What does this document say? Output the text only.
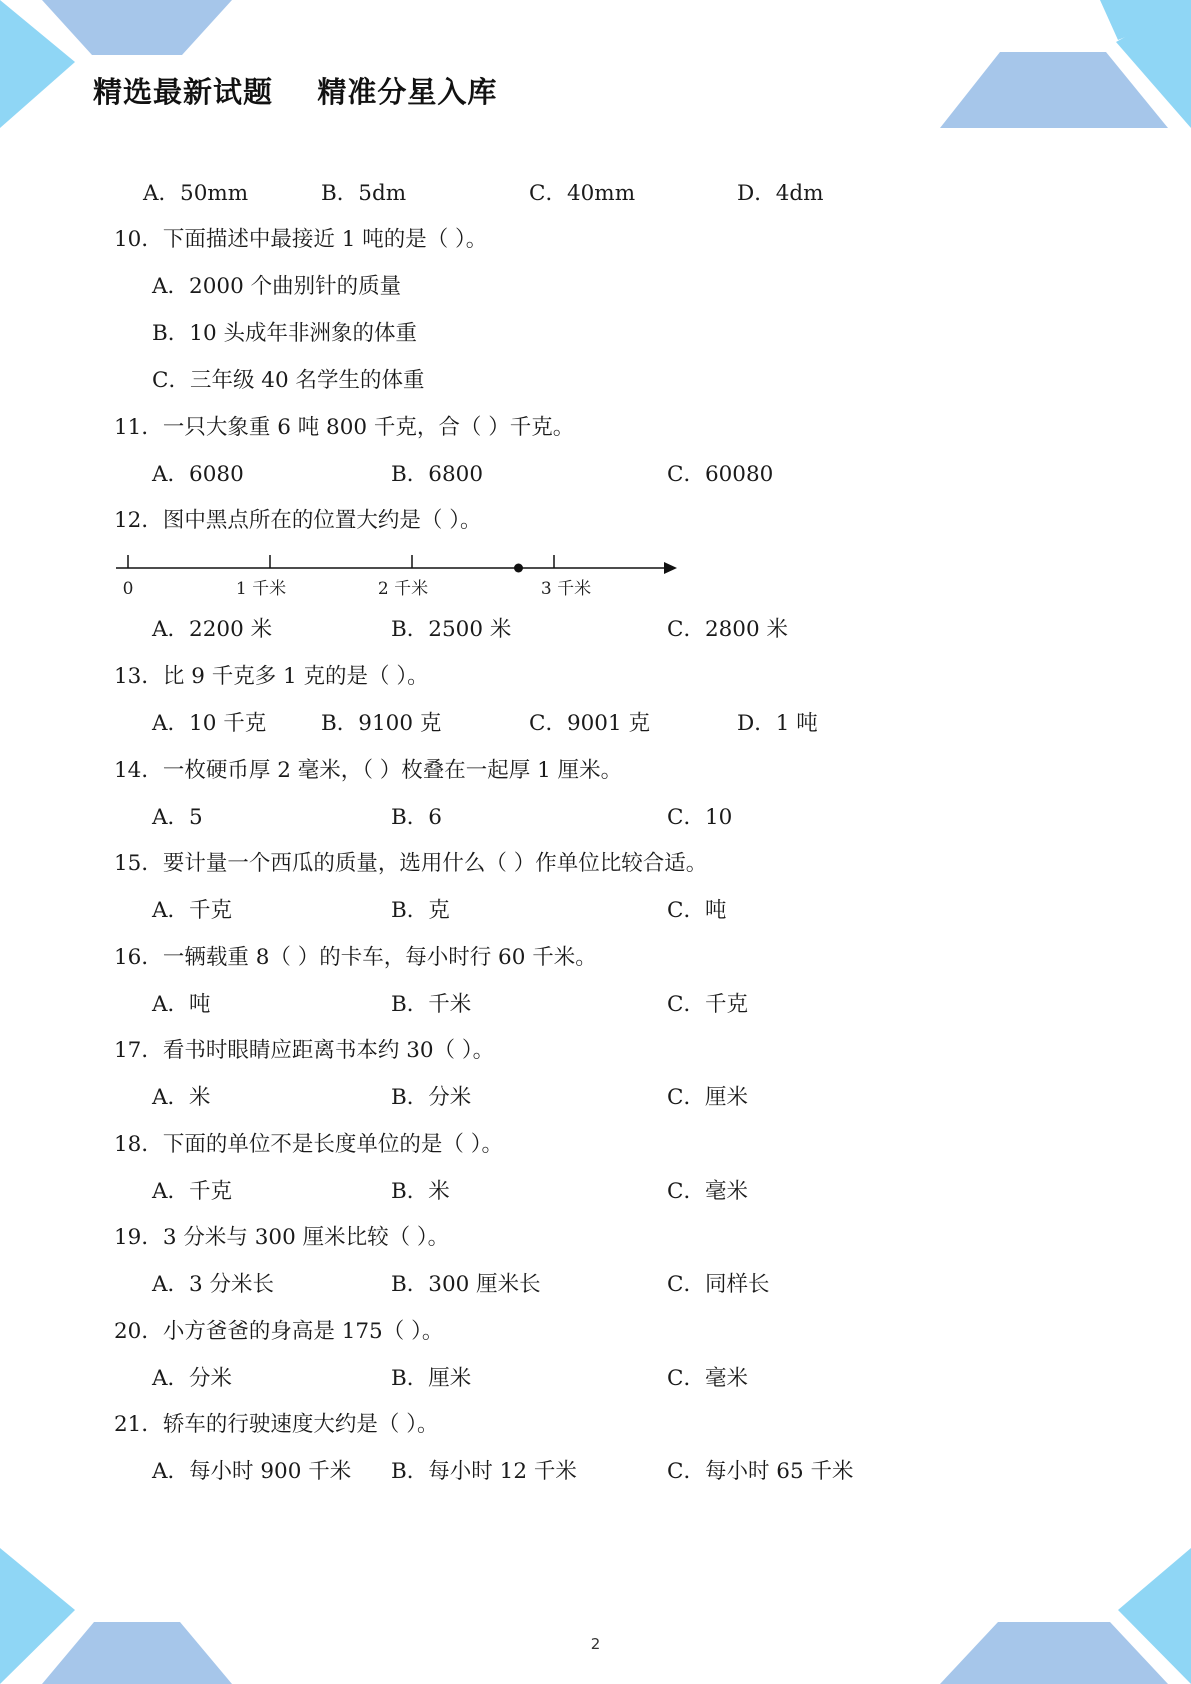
精选最新试题    精准分星入库
A．50mm	B．5dm	C．40mm	D．4dm
10．下面描述中最接近 1 吨的是（ ）。
A．2000 个曲别针的质量
B．10 头成年非洲象的体重
C．三年级 40 名学生的体重
11．一只大象重 6 吨 800 千克，合（ ）千克。
A．6080	B．6800	C．60080
12．图中黑点所在的位置大约是（ ）。
0	1 千米	2 千米	3 千米
A．2200 米	B．2500 米	C．2800 米
13．比 9 千克多 1 克的是（ ）。
A．10 千克	B．9100 克	C．9001 克	D．1 吨
14．一枚硬币厚 2 毫米，（ ）枚叠在一起厚 1 厘米。
A．5	B．6	C．10
15．要计量一个西瓜的质量，选用什么（ ）作单位比较合适。
A．千克	B．克	C．吨
16．一辆载重 8（ ）的卡车，每小时行 60 千米。
A．吨	B．千米	C．千克
17．看书时眼睛应距离书本约 30（ ）。
A．米	B．分米	C．厘米
18．下面的单位不是长度单位的是（ ）。
A．千克	B．米	C．毫米
19．3 分米与 300 厘米比较（ ）。
A．3 分米长	B．300 厘米长	C．同样长
20．小方爸爸的身高是 175（ ）。
A．分米	B．厘米	C．毫米
21．轿车的行驶速度大约是（ ）。
A．每小时 900 千米 B．每小时 12 千米	C．每小时 65 千米
2
